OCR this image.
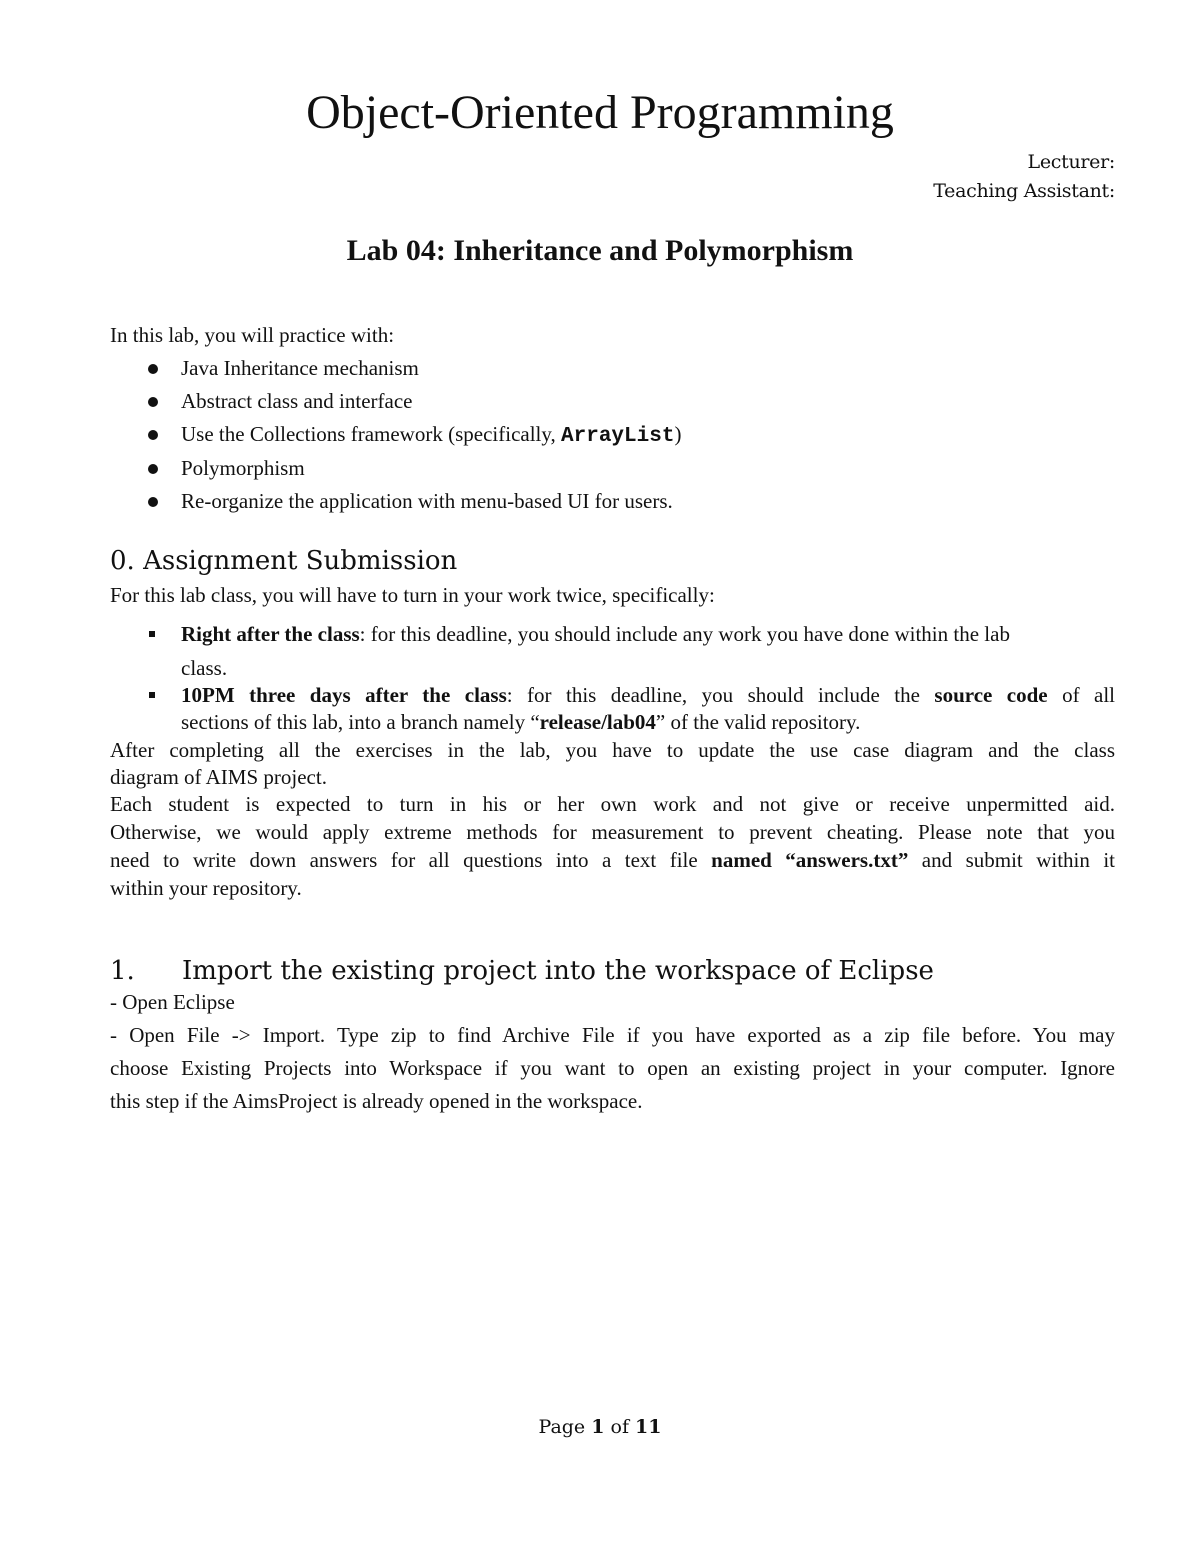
Object-Oriented Programming
Lecturer:
Teaching Assistant:
Lab 04: Inheritance and Polymorphism
In this lab, you will practice with:
Java Inheritance mechanism
Abstract class and interface
Use the Collections framework (specifically, ArrayList)
Polymorphism
Re-organize the application with menu-based UI for users.
0. Assignment Submission
For this lab class, you will have to turn in your work twice, specifically:
Right after the class: for this deadline, you should include any work you have done within the lab
class.
10PM three days after the class: for this deadline, you should include the source code of all
sections of this lab, into a branch namely “release/lab04” of the valid repository.
After completing all the exercises in the lab, you have to update the use case diagram and the class
diagram of AIMS project.
Each student is expected to turn in his or her own work and not give or receive unpermitted aid.
Otherwise, we would apply extreme methods for measurement to prevent cheating. Please note that you
need to write down answers for all questions into a text file named “answers.txt” and submit within it
within your repository.
1. Import the existing project into the workspace of Eclipse
- Open Eclipse
- Open File -> Import. Type zip to find Archive File if you have exported as a zip file before. You may
choose Existing Projects into Workspace if you want to open an existing project in your computer. Ignore
this step if the AimsProject is already opened in the workspace.
Page 1 of 11
